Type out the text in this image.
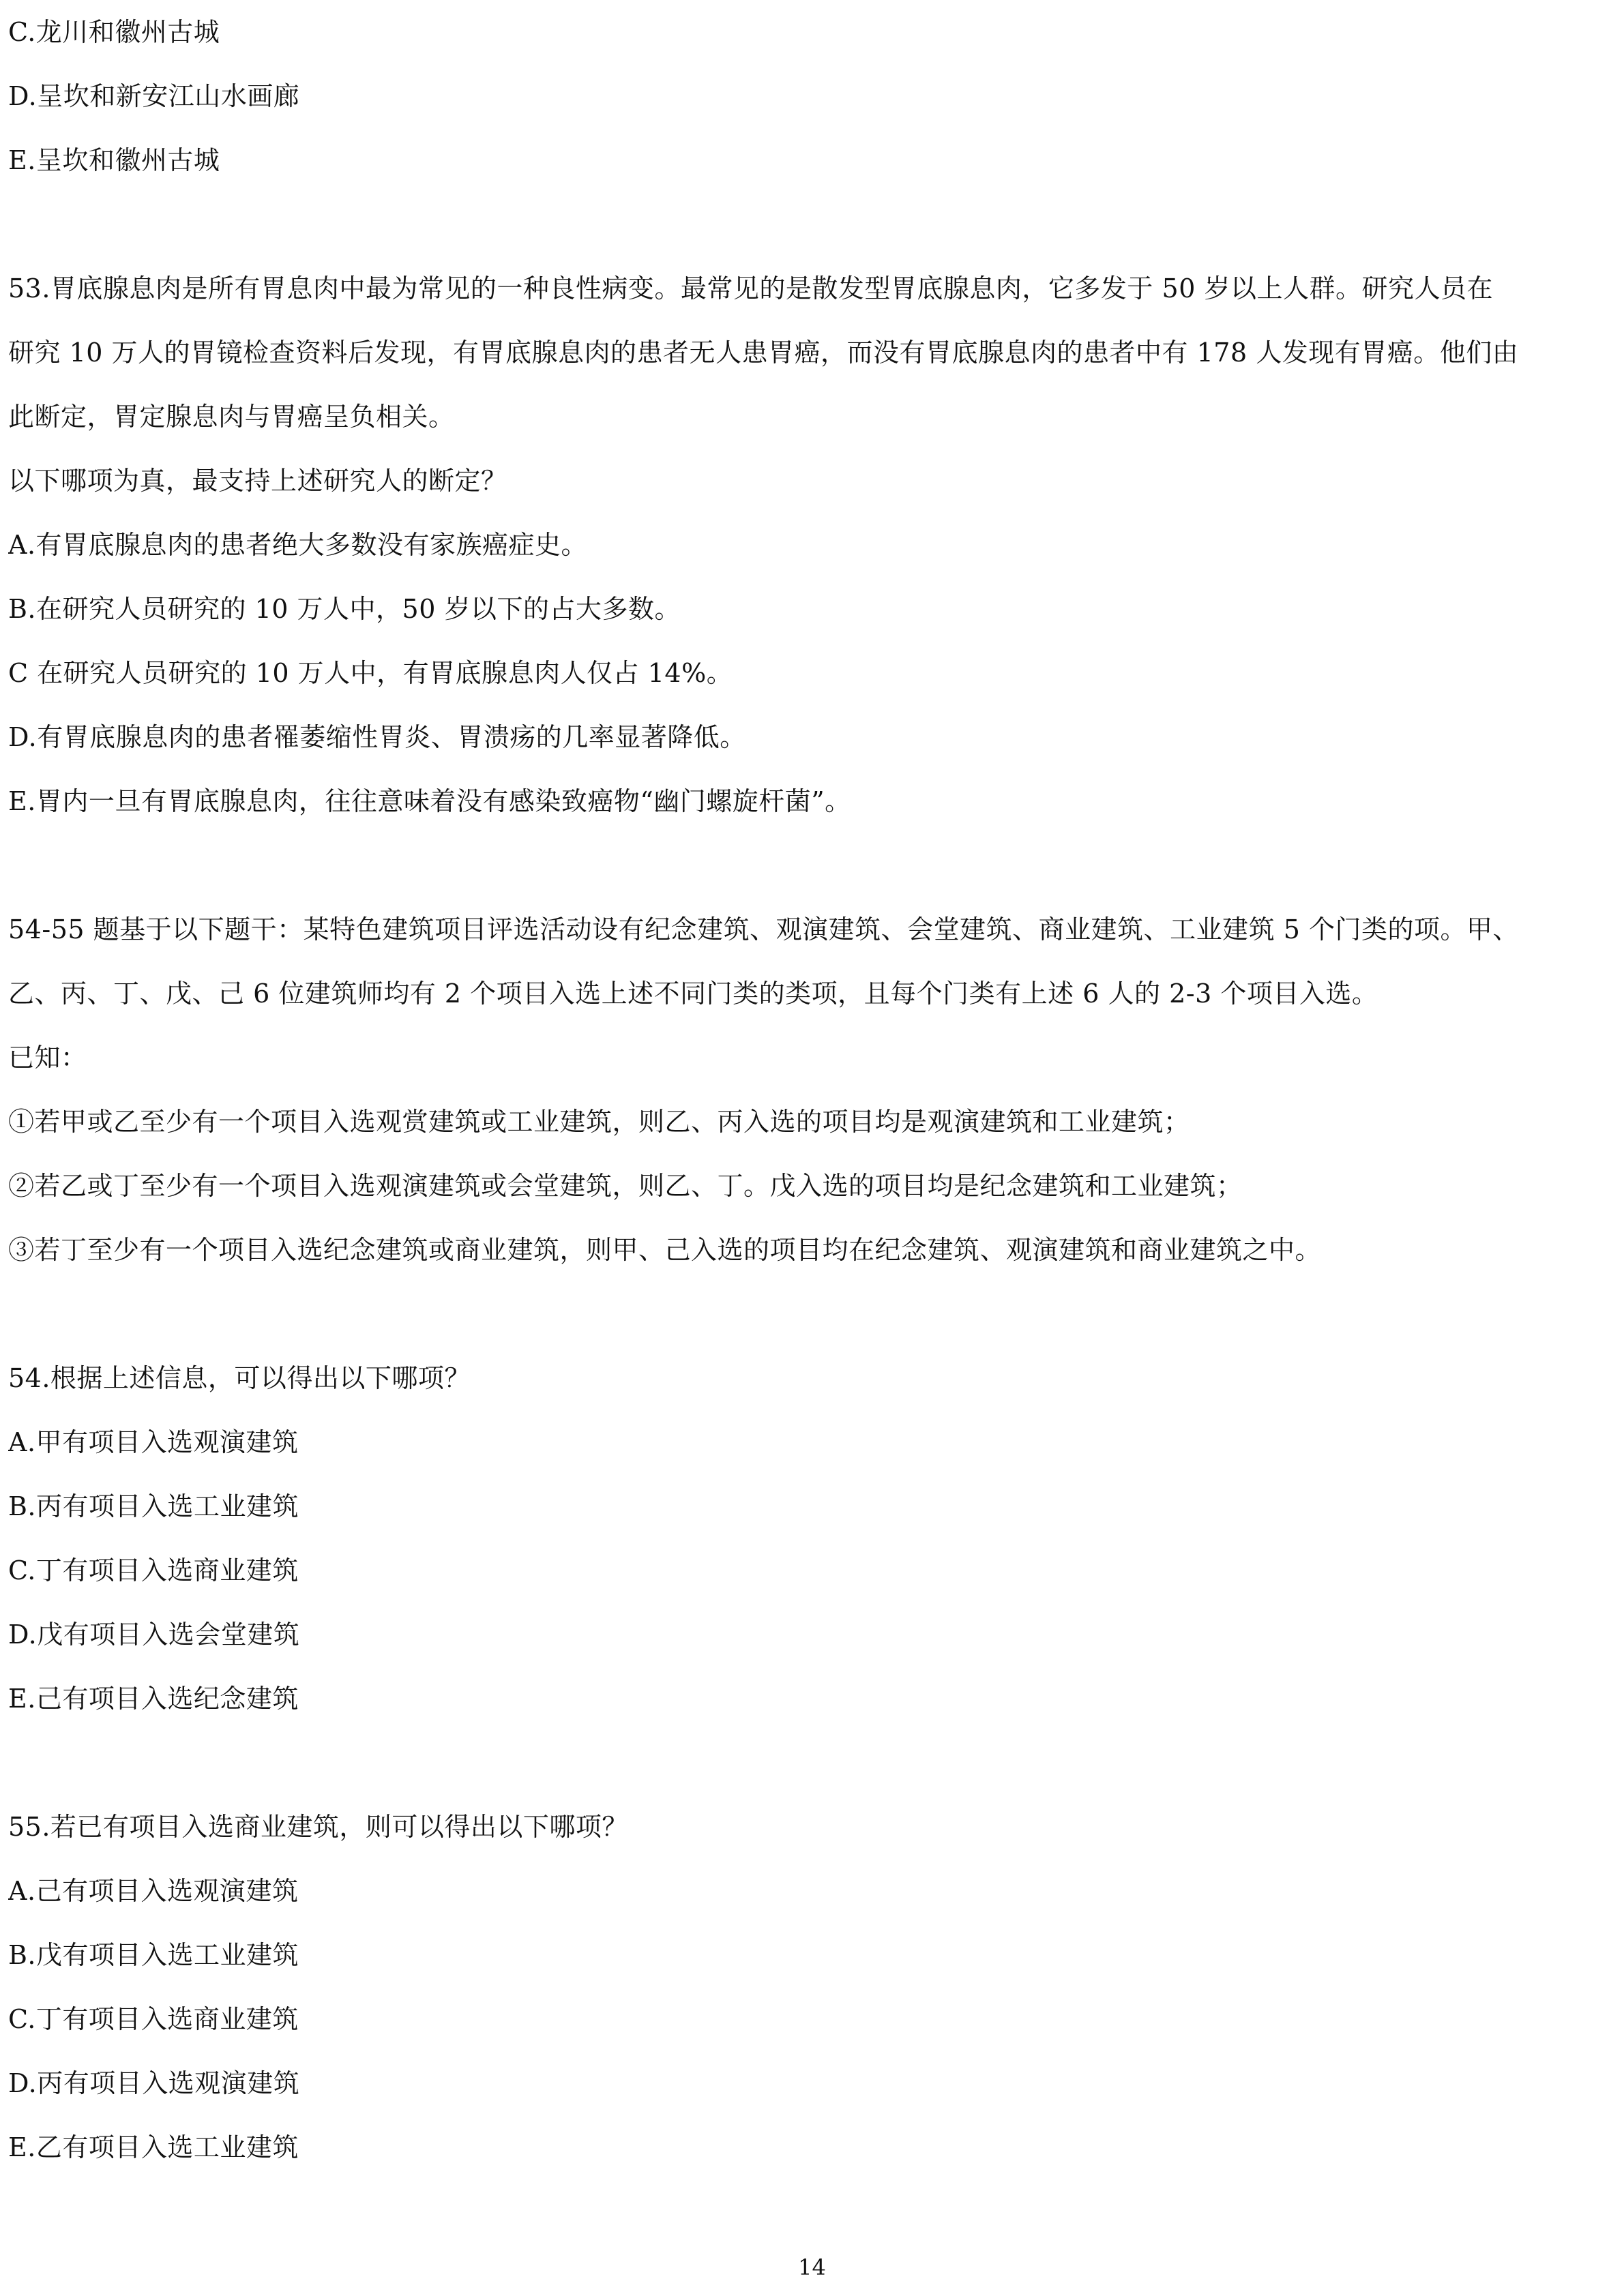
C.龙川和徽州古城
D.呈坎和新安江山水画廊
E.呈坎和徽州古城
53.胃底腺息肉是所有胃息肉中最为常见的一种良性病变。最常见的是散发型胃底腺息肉，它多发于 50 岁以上人群。研究人员在
研究 10 万人的胃镜检查资料后发现，有胃底腺息肉的患者无人患胃癌，而没有胃底腺息肉的患者中有 178 人发现有胃癌。他们由
此断定，胃定腺息肉与胃癌呈负相关。
以下哪项为真，最支持上述研究人的断定？
A.有胃底腺息肉的患者绝大多数没有家族癌症史。
B.在研究人员研究的 10 万人中，50 岁以下的占大多数。
C 在研究人员研究的 10 万人中，有胃底腺息肉人仅占 14%。
D.有胃底腺息肉的患者罹萎缩性胃炎、胃溃疡的几率显著降低。
E.胃内一旦有胃底腺息肉，往往意味着没有感染致癌物“幽门螺旋杆菌”。
54-55 题基于以下题干：某特色建筑项目评选活动设有纪念建筑、观演建筑、会堂建筑、商业建筑、工业建筑 5 个门类的项。甲、
乙、丙、丁、戊、己 6 位建筑师均有 2 个项目入选上述不同门类的类项，且每个门类有上述 6 人的 2-3 个项目入选。
已知：
①若甲或乙至少有一个项目入选观赏建筑或工业建筑，则乙、丙入选的项目均是观演建筑和工业建筑；
②若乙或丁至少有一个项目入选观演建筑或会堂建筑，则乙、丁。戊入选的项目均是纪念建筑和工业建筑；
③若丁至少有一个项目入选纪念建筑或商业建筑，则甲、己入选的项目均在纪念建筑、观演建筑和商业建筑之中。
54.根据上述信息，可以得出以下哪项？
A.甲有项目入选观演建筑
B.丙有项目入选工业建筑
C.丁有项目入选商业建筑
D.戊有项目入选会堂建筑
E.己有项目入选纪念建筑
55.若已有项目入选商业建筑，则可以得出以下哪项？
A.己有项目入选观演建筑
B.戊有项目入选工业建筑
C.丁有项目入选商业建筑
D.丙有项目入选观演建筑
E.乙有项目入选工业建筑
14
